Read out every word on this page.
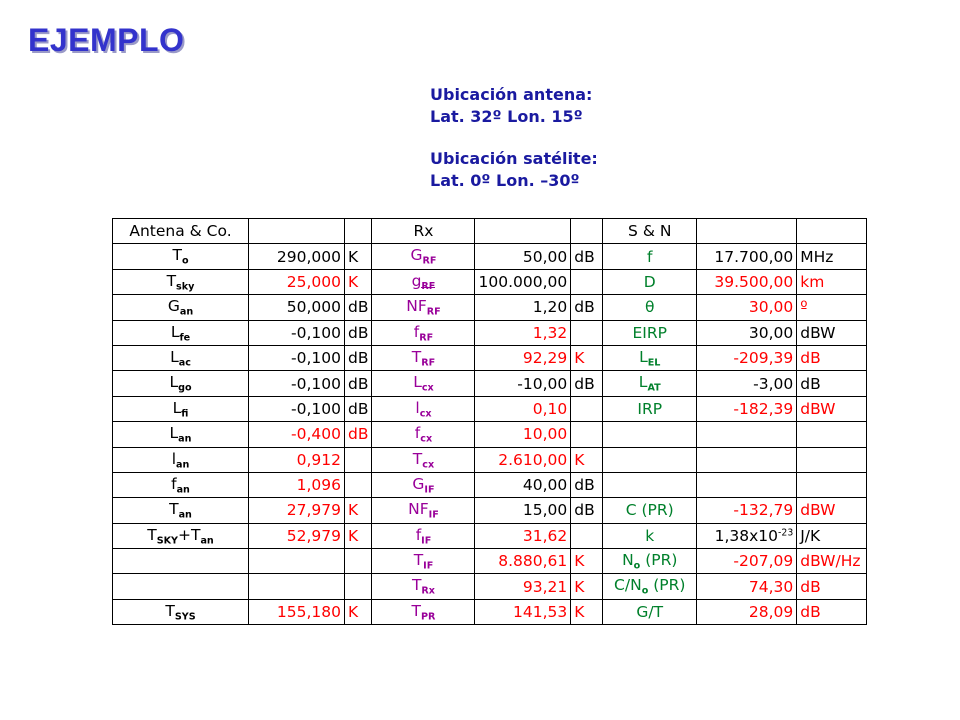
EJEMPLO
Ubicación antena:
Lat. 32º Lon. 15º
Ubicación satélite:
Lat. 0º Lon. –30º
Antena & Co.			Rx			S & N		
$T_o$	290,000	K	$G_{RF}$	50,00	dB	f	17.700,00	MHz
$T_{sky}$	25,000	K	$g_{RF}$	100.000,00		D	39.500,00	km
$G_{an}$	50,000	dB	$NF_{RF}$	1,20	dB	θ	30,00	º
$L_{fe}$	-0,100	dB	$f_{RF}$	1,32		EIRP	30,00	dBW
$L_{ac}$	-0,100	dB	$T_{RF}$	92,29	K	$L_{EL}$	-209,39	dB
$L_{go}$	-0,100	dB	$L_{cx}$	-10,00	dB	$L_{AT}$	-3,00	dB
$L_{fi}$	-0,100	dB	$l_{cx}$	0,10		IRP	-182,39	dBW
$L_{an}$	-0,400	dB	$f_{cx}$	10,00				
$l_{an}$	0,912		$T_{cx}$	2.610,00	K			
$f_{an}$	1,096		$G_{IF}$	40,00	dB			
$T_{an}$	27,979	K	$NF_{IF}$	15,00	dB	C (PR)	-132,79	dBW
$T_{SKY}+T_{an}$	52,979	K	$f_{IF}$	31,62		k	$1,38x10^{-23}$	J/K
			$T_{IF}$	8.880,61	K	$N_o$ (PR)	-207,09	dBW/Hz
			$T_{Rx}$	93,21	K	$C/N_o$ (PR)	74,30	dB
$T_{SYS}$	155,180	K	$T_{PR}$	141,53	K	G/T	28,09	dB
